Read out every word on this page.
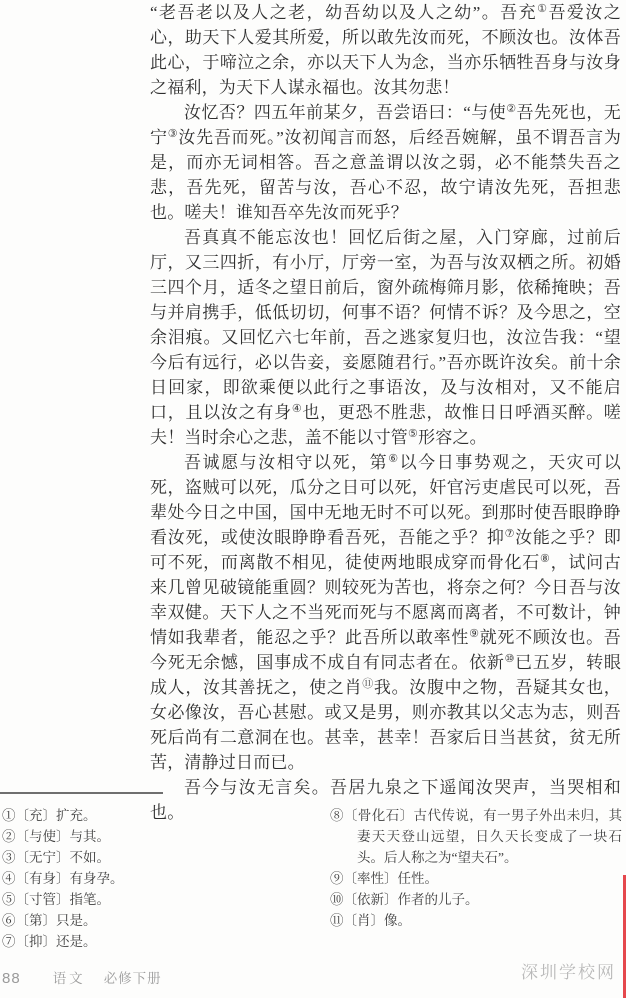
“老吾老以及人之老，幼吾幼以及人之幼”。吾充①吾爱汝之心，助天下人爱其所爱，所以敢先汝而死，不顾汝也。汝体吾此心，于啼泣之余，亦以天下人为念，当亦乐牺牲吾身与汝身之福利，为天下人谋永福也。汝其勿悲！

汝忆否？四五年前某夕，吾尝语曰：“与使②吾先死也，无宁③汝先吾而死。”汝初闻言而怒，后经吾婉解，虽不谓吾言为是，而亦无词相答。吾之意盖谓以汝之弱，必不能禁失吾之悲，吾先死，留苦与汝，吾心不忍，故宁请汝先死，吾担悲也。嗟夫！谁知吾卒先汝而死乎？

吾真真不能忘汝也！回忆后街之屋，入门穿廊，过前后厅，又三四折，有小厅，厅旁一室，为吾与汝双栖之所。初婚三四个月，适冬之望日前后，窗外疏梅筛月影，依稀掩映；吾与并肩携手，低低切切，何事不语？何情不诉？及今思之，空余泪痕。又回忆六七年前，吾之逃家复归也，汝泣告我：“望今后有远行，必以告妾，妾愿随君行。”吾亦既许汝矣。前十余日回家，即欲乘便以此行之事语汝，及与汝相对，又不能启口，且以汝之有身④也，更恐不胜悲，故惟日日呼酒买醉。嗟夫！当时余心之悲，盖不能以寸管⑤形容之。

吾诚愿与汝相守以死，第⑥以今日事势观之，天灾可以死，盗贼可以死，瓜分之日可以死，奸官污吏虐民可以死，吾辈处今日之中国，国中无地无时不可以死。到那时使吾眼睁睁看汝死，或使汝眼睁睁看吾死，吾能之乎？抑⑦汝能之乎？即可不死，而离散不相见，徒使两地眼成穿而骨化石⑧，试问古来几曾见破镜能重圆？则较死为苦也，将奈之何？今日吾与汝幸双健。天下人之不当死而死与不愿离而离者，不可数计，钟情如我辈者，能忍之乎？此吾所以敢率性⑨就死不顾汝也。吾今死无余憾，国事成不成自有同志者在。依新⑩已五岁，转眼成人，汝其善抚之，使之肖⑪我。汝腹中之物，吾疑其女也，女必像汝，吾心甚慰。或又是男，则亦教其以父志为志，则吾死后尚有二意洞在也。甚幸，甚幸！吾家后日当甚贫，贫无所苦，清静过日而已。

吾今与汝无言矣。吾居九泉之下遥闻汝哭声，当哭相和也。

①〔充〕扩充。
②〔与使〕与其。
③〔无宁〕不如。
④〔有身〕有身孕。
⑤〔寸管〕指笔。
⑥〔第〕只是。
⑦〔抑〕还是。
⑧〔骨化石〕古代传说，有一男子外出未归，其妻天天登山远望，日久天长变成了一块石头。后人称之为“望夫石”。
⑨〔率性〕任性。
⑩〔依新〕作者的儿子。
⑪〔肖〕像。
88 语文 必修下册	深圳学校网
